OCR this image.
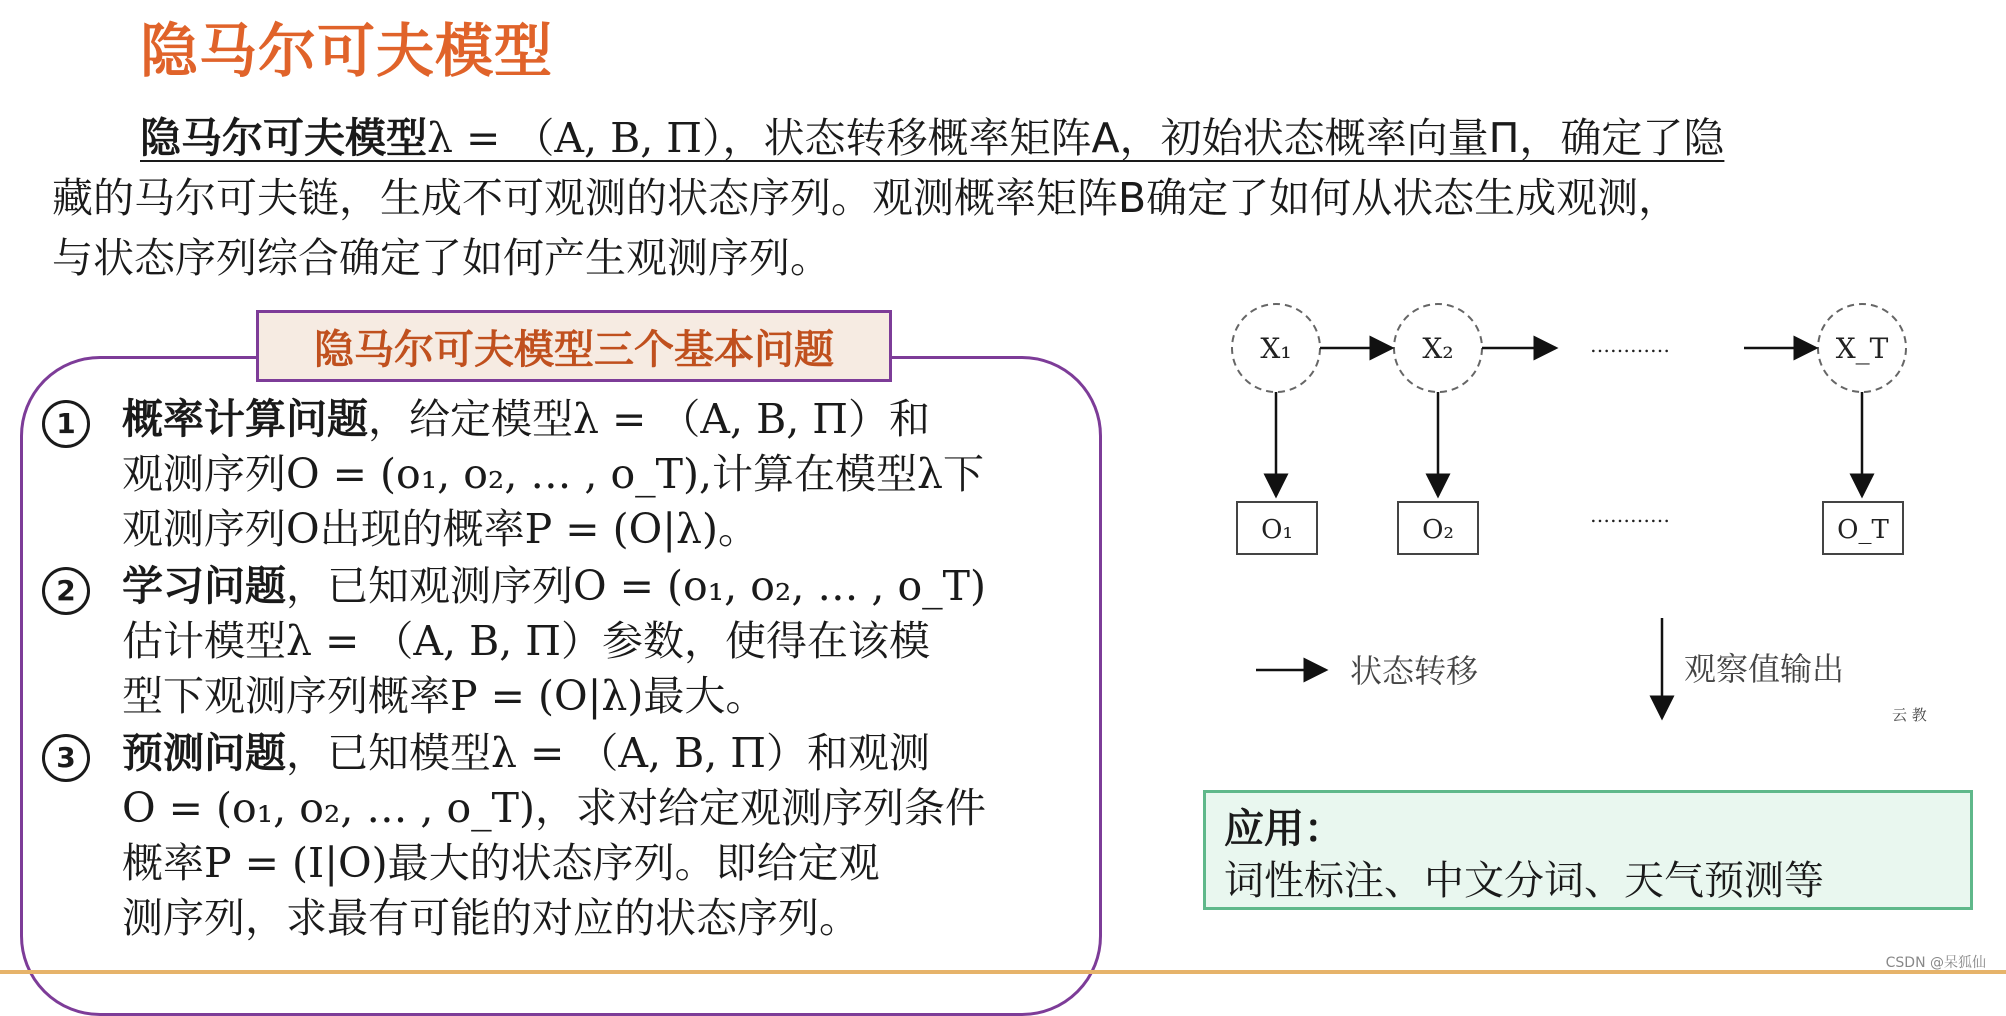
隐马尔可夫模型
隐马尔可夫模型λ = （A, B, Π），状态转移概率矩阵A，初始状态概率向量Π，确定了隐
藏的马尔可夫链，生成不可观测的状态序列。观测概率矩阵B确定了如何从状态生成观测，
与状态序列综合确定了如何产生观测序列。
隐马尔可夫模型三个基本问题
1	概率计算问题，给定模型λ = （A, B, Π）和
观测序列O = (o₁, o₂, … , o_T),计算在模型λ下
观测序列O出现的概率P = (O|λ)。
2	学习问题，已知观测序列O = (o₁, o₂, … , o_T)
估计模型λ = （A, B, Π）参数，使得在该模
型下观测序列概率P = (O|λ)最大。
3	预测问题，已知模型λ = （A, B, Π）和观测
O = (o₁, o₂, … , o_T)，求对给定观测序列条件
概率P = (I|O)最大的状态序列。即给定观
测序列，求最有可能的对应的状态序列。
X₁	X₂	X_T
…………
O₁	O₂	O_T
…………
状态转移	观察值输出
云 教
应用：
词性标注、中文分词、天气预测等
CSDN @呆狐仙
